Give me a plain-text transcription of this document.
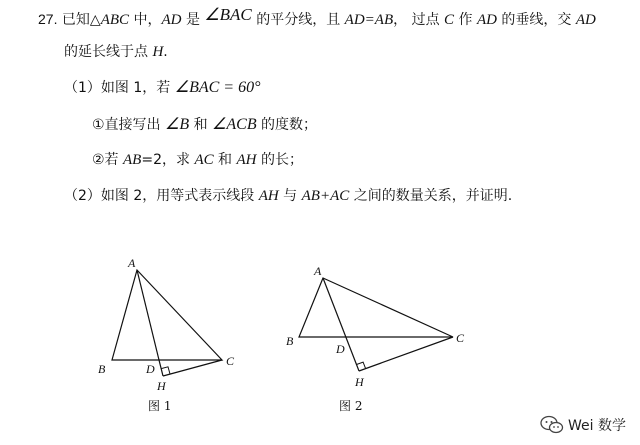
27. 已知△ABC 中，AD 是 ∠BAC 的平分线，且 AD=AB， 过点 C 作 AD 的垂线，交 AD
的延长线于点 H.
（1）如图 1，若 ∠BAC = 60°
①直接写出 ∠B 和 ∠ACB 的度数；
②若 AB=2，求 AC 和 AH 的长；
（2）如图 2，用等式表示线段 AH 与 AB+AC 之间的数量关系，并证明.
A
B
C
D
H
图 1
A
B	C
D
H
图 2
Wei 数学
